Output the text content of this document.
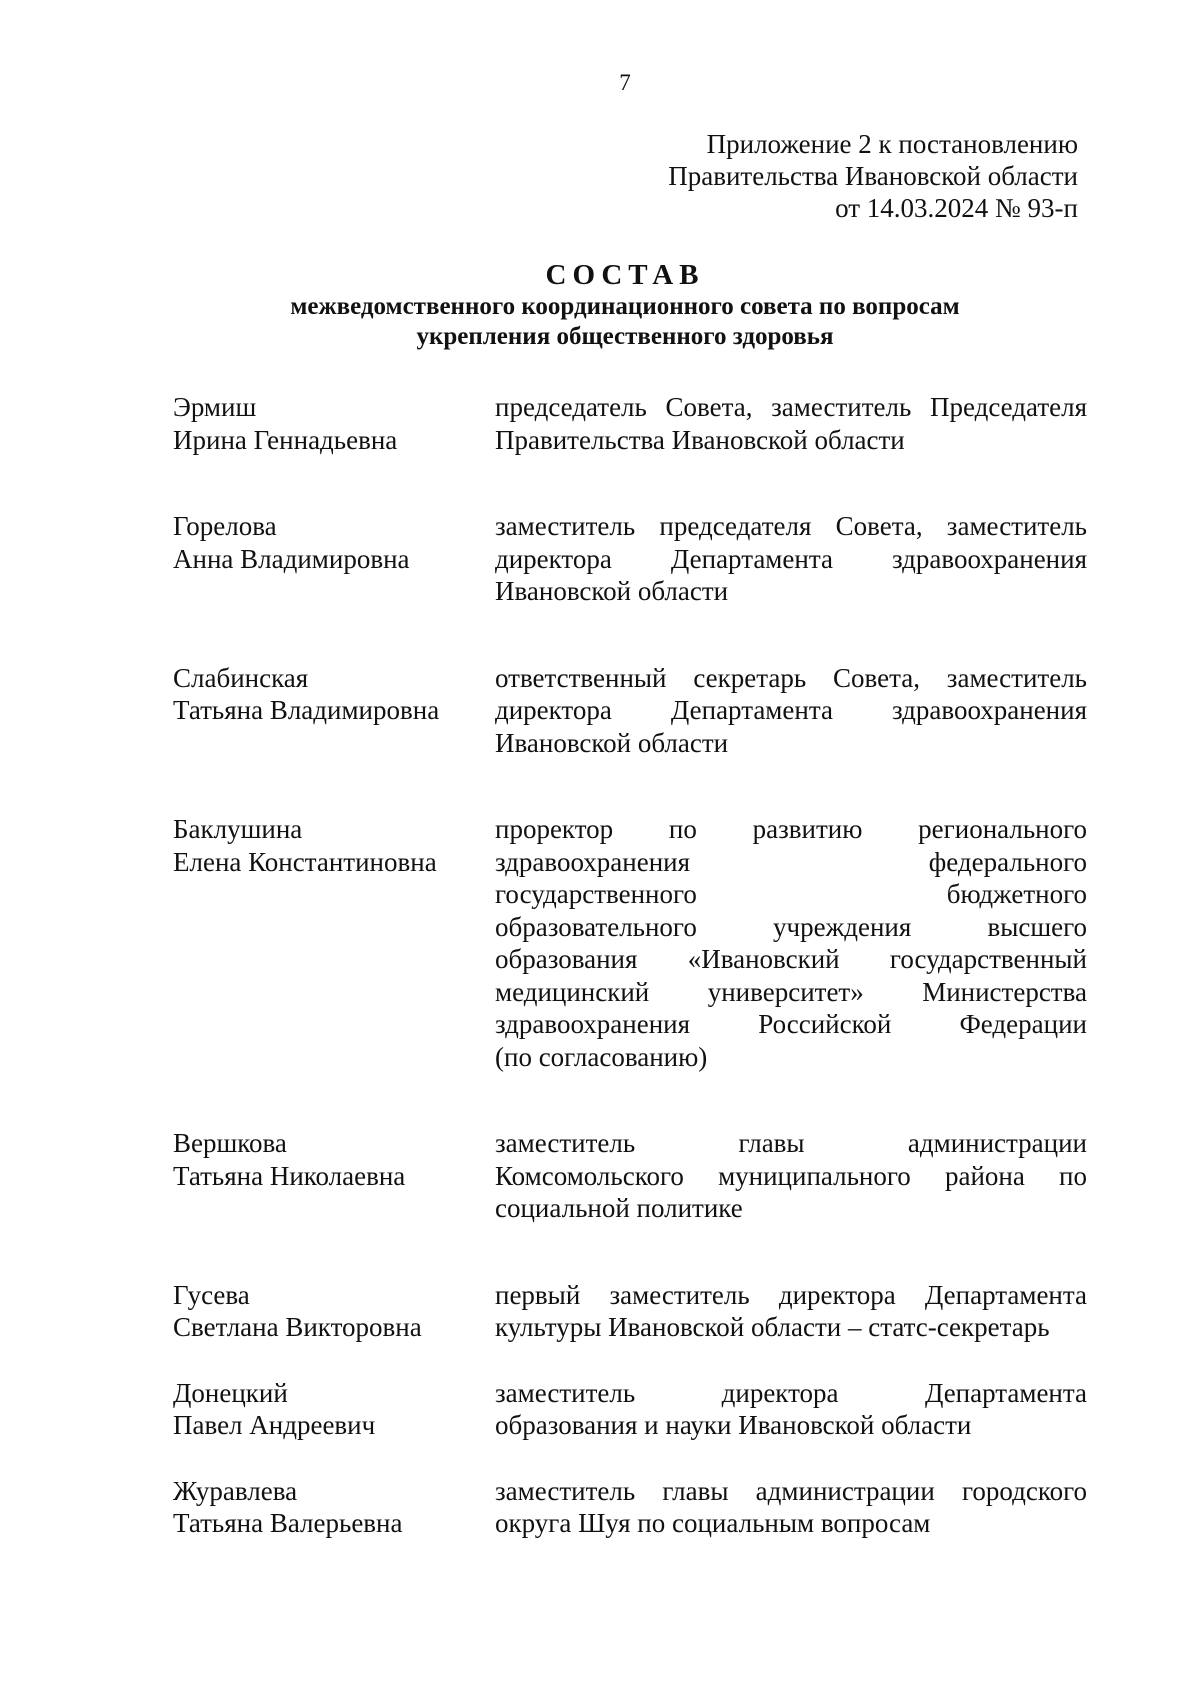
7
Приложение 2 к постановлению
Правительства Ивановской области
от 14.03.2024 № 93-п
СОСТАВ
межведомственного координационного совета по вопросам
укрепления общественного здоровья
Эрмиш
Ирина Геннадьевна
председатель Совета, заместитель Председателя
Правительства Ивановской области
Горелова
Анна Владимировна
заместитель председателя Совета, заместитель
директора Департамента здравоохранения
Ивановской области
Слабинская
Татьяна Владимировна
ответственный секретарь Совета, заместитель
директора Департамента здравоохранения
Ивановской области
Баклушина
Елена Константиновна
проректор по развитию регионального
здравоохранения федерального
государственного бюджетного
образовательного учреждения высшего
образования «Ивановский государственный
медицинский университет» Министерства
здравоохранения Российской Федерации
(по согласованию)
Вершкова
Татьяна Николаевна
заместитель главы администрации
Комсомольского муниципального района по
социальной политике
Гусева
Светлана Викторовна
первый заместитель директора Департамента
культуры Ивановской области – статс-секретарь
Донецкий
Павел Андреевич
заместитель директора Департамента
образования и науки Ивановской области
Журавлева
Татьяна Валерьевна
заместитель главы администрации городского
округа Шуя по социальным вопросам
